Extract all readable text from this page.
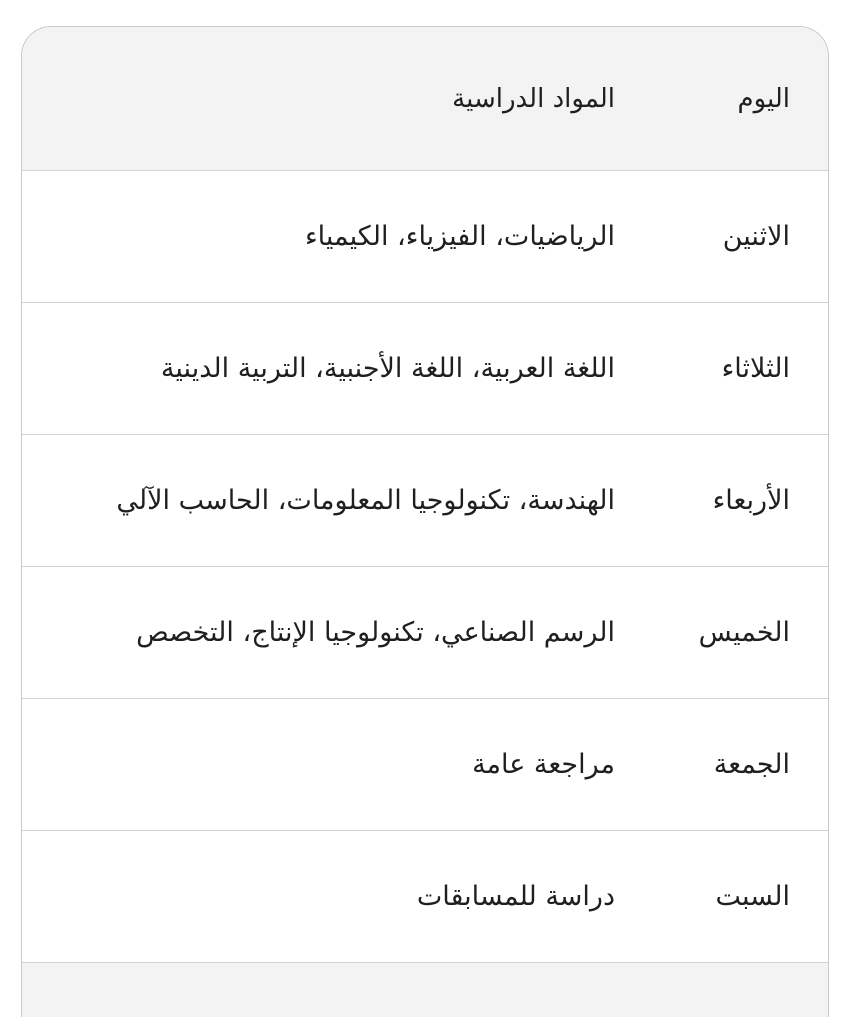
اليوم	المواد الدراسية
الاثنين	الرياضيات، الفيزياء، الكيمياء
الثلاثاء	اللغة العربية، اللغة الأجنبية، التربية الدينية
الأربعاء	الهندسة، تكنولوجيا المعلومات، الحاسب الآلي
الخميس	الرسم الصناعي، تكنولوجيا الإنتاج، التخصص
الجمعة	مراجعة عامة
السبت	دراسة للمسابقات
